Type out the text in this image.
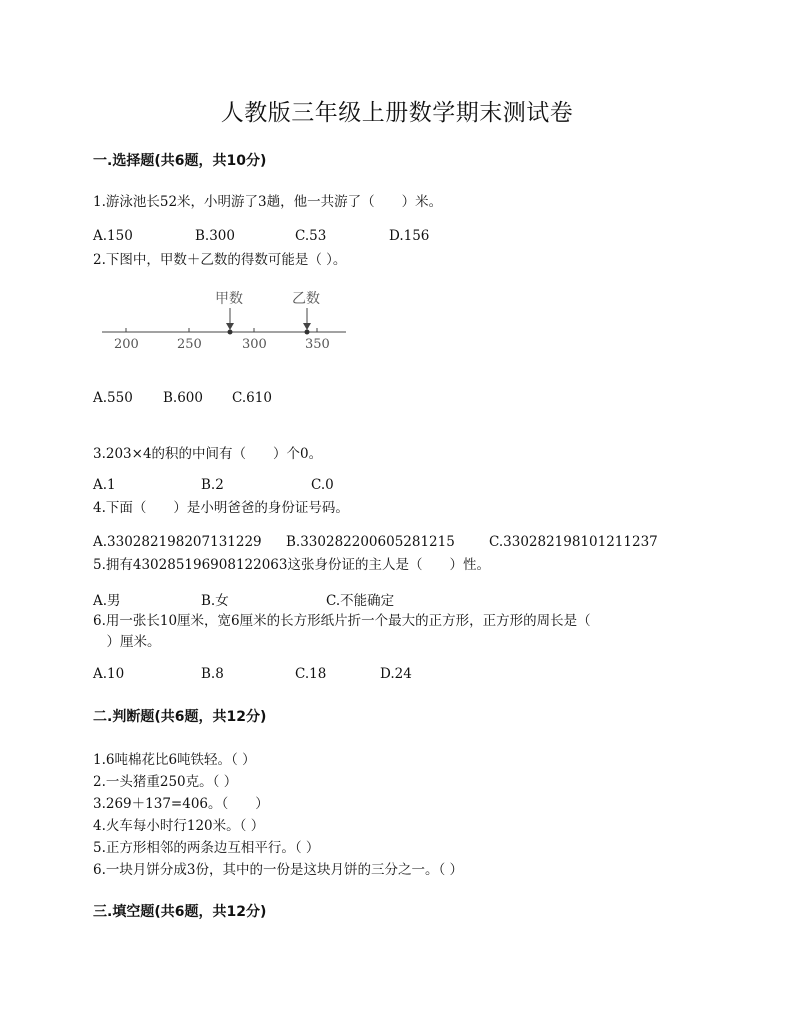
人教版三年级上册数学期末测试卷
一.选择题(共6题，共10分)
1.游泳池长52米，小明游了3趟，他一共游了（　　）米。
A.150	B.300	C.53	D.156
2.下图中，甲数＋乙数的得数可能是（ ）。
甲数	乙数
200	250	300	350
A.550 B.600 C.610
3.203×4的积的中间有（　　）个0。
A.1	B.2	C.0
4.下面（　　）是小明爸爸的身份证号码。
A.330282198207131229 B.330282200605281215	C.330282198101211237
5.拥有430285196908122063这张身份证的主人是（　　）性。
A.男	B.女	C.不能确定
6.用一张长10厘米，宽6厘米的长方形纸片折一个最大的正方形，正方形的周长是（
　）厘米。
A.10	B.8	C.18	D.24
二.判断题(共6题，共12分)
1.6吨棉花比6吨铁轻。（ ）
2.一头猪重250克。（ ）
3.269＋137=406。（　　）
4.火车每小时行120米。（ ）
5.正方形相邻的两条边互相平行。（ ）
6.一块月饼分成3份，其中的一份是这块月饼的三分之一。（ ）
三.填空题(共6题，共12分)
